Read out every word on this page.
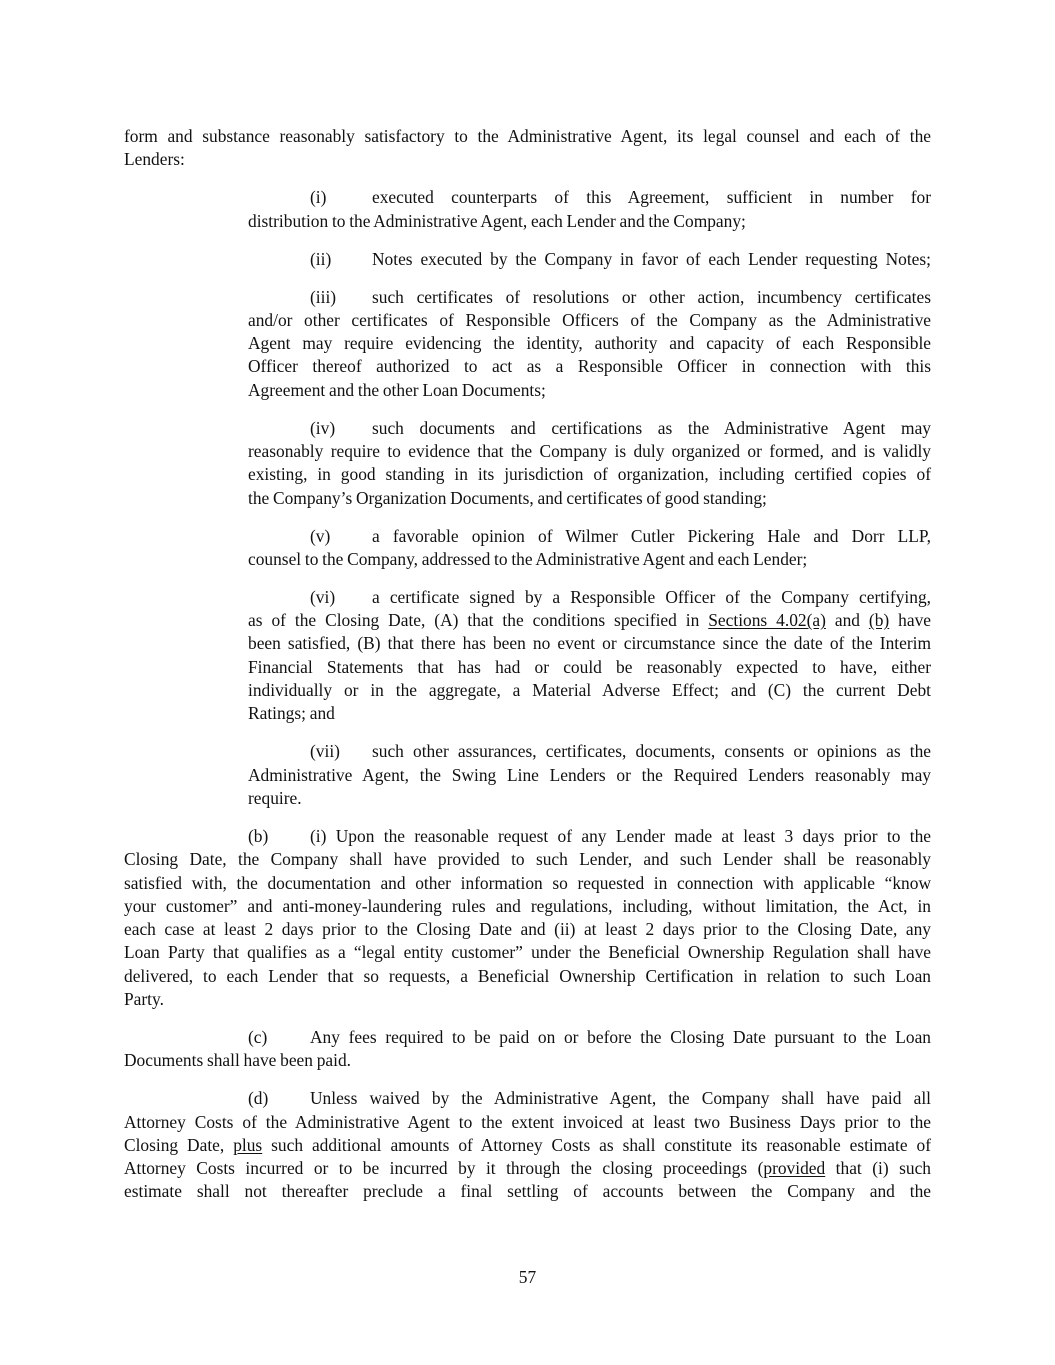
form and substance reasonably satisfactory to the Administrative Agent, its legal counsel and each of the
Lenders:
(i)	executed counterparts of this Agreement, sufficient in number for
distribution to the Administrative Agent, each Lender and the Company;
(ii)	Notes executed by the Company in favor of each Lender requesting Notes;
(iii)	such certificates of resolutions or other action, incumbency certificates
and/or other certificates of Responsible Officers of the Company as the Administrative
Agent may require evidencing the identity, authority and capacity of each Responsible
Officer thereof authorized to act as a Responsible Officer in connection with this
Agreement and the other Loan Documents;
(iv)	such documents and certifications as the Administrative Agent may
reasonably require to evidence that the Company is duly organized or formed, and is validly
existing, in good standing in its jurisdiction of organization, including certified copies of
the Company’s Organization Documents, and certificates of good standing;
(v)	a favorable opinion of Wilmer Cutler Pickering Hale and Dorr LLP,
counsel to the Company, addressed to the Administrative Agent and each Lender;
(vi)	a certificate signed by a Responsible Officer of the Company certifying,
as of the Closing Date, (A) that the conditions specified in Sections 4.02(a) and (b) have
been satisfied, (B) that there has been no event or circumstance since the date of the Interim
Financial Statements that has had or could be reasonably expected to have, either
individually or in the aggregate, a Material Adverse Effect; and (C) the current Debt
Ratings; and
(vii)	such other assurances, certificates, documents, consents or opinions as the
Administrative Agent, the Swing Line Lenders or the Required Lenders reasonably may
require.
(b)	(i) Upon the reasonable request of any Lender made at least 3 days prior to the
Closing Date, the Company shall have provided to such Lender, and such Lender shall be reasonably
satisfied with, the documentation and other information so requested in connection with applicable “know
your customer” and anti-money-laundering rules and regulations, including, without limitation, the Act, in
each case at least 2 days prior to the Closing Date and (ii) at least 2 days prior to the Closing Date, any
Loan Party that qualifies as a “legal entity customer” under the Beneficial Ownership Regulation shall have
delivered, to each Lender that so requests, a Beneficial Ownership Certification in relation to such Loan
Party.
(c)	Any fees required to be paid on or before the Closing Date pursuant to the Loan
Documents shall have been paid.
(d)	Unless waived by the Administrative Agent, the Company shall have paid all
Attorney Costs of the Administrative Agent to the extent invoiced at least two Business Days prior to the
Closing Date, plus such additional amounts of Attorney Costs as shall constitute its reasonable estimate of
Attorney Costs incurred or to be incurred by it through the closing proceedings (provided that (i) such
estimate shall not thereafter preclude a final settling of accounts between the Company and the
57
